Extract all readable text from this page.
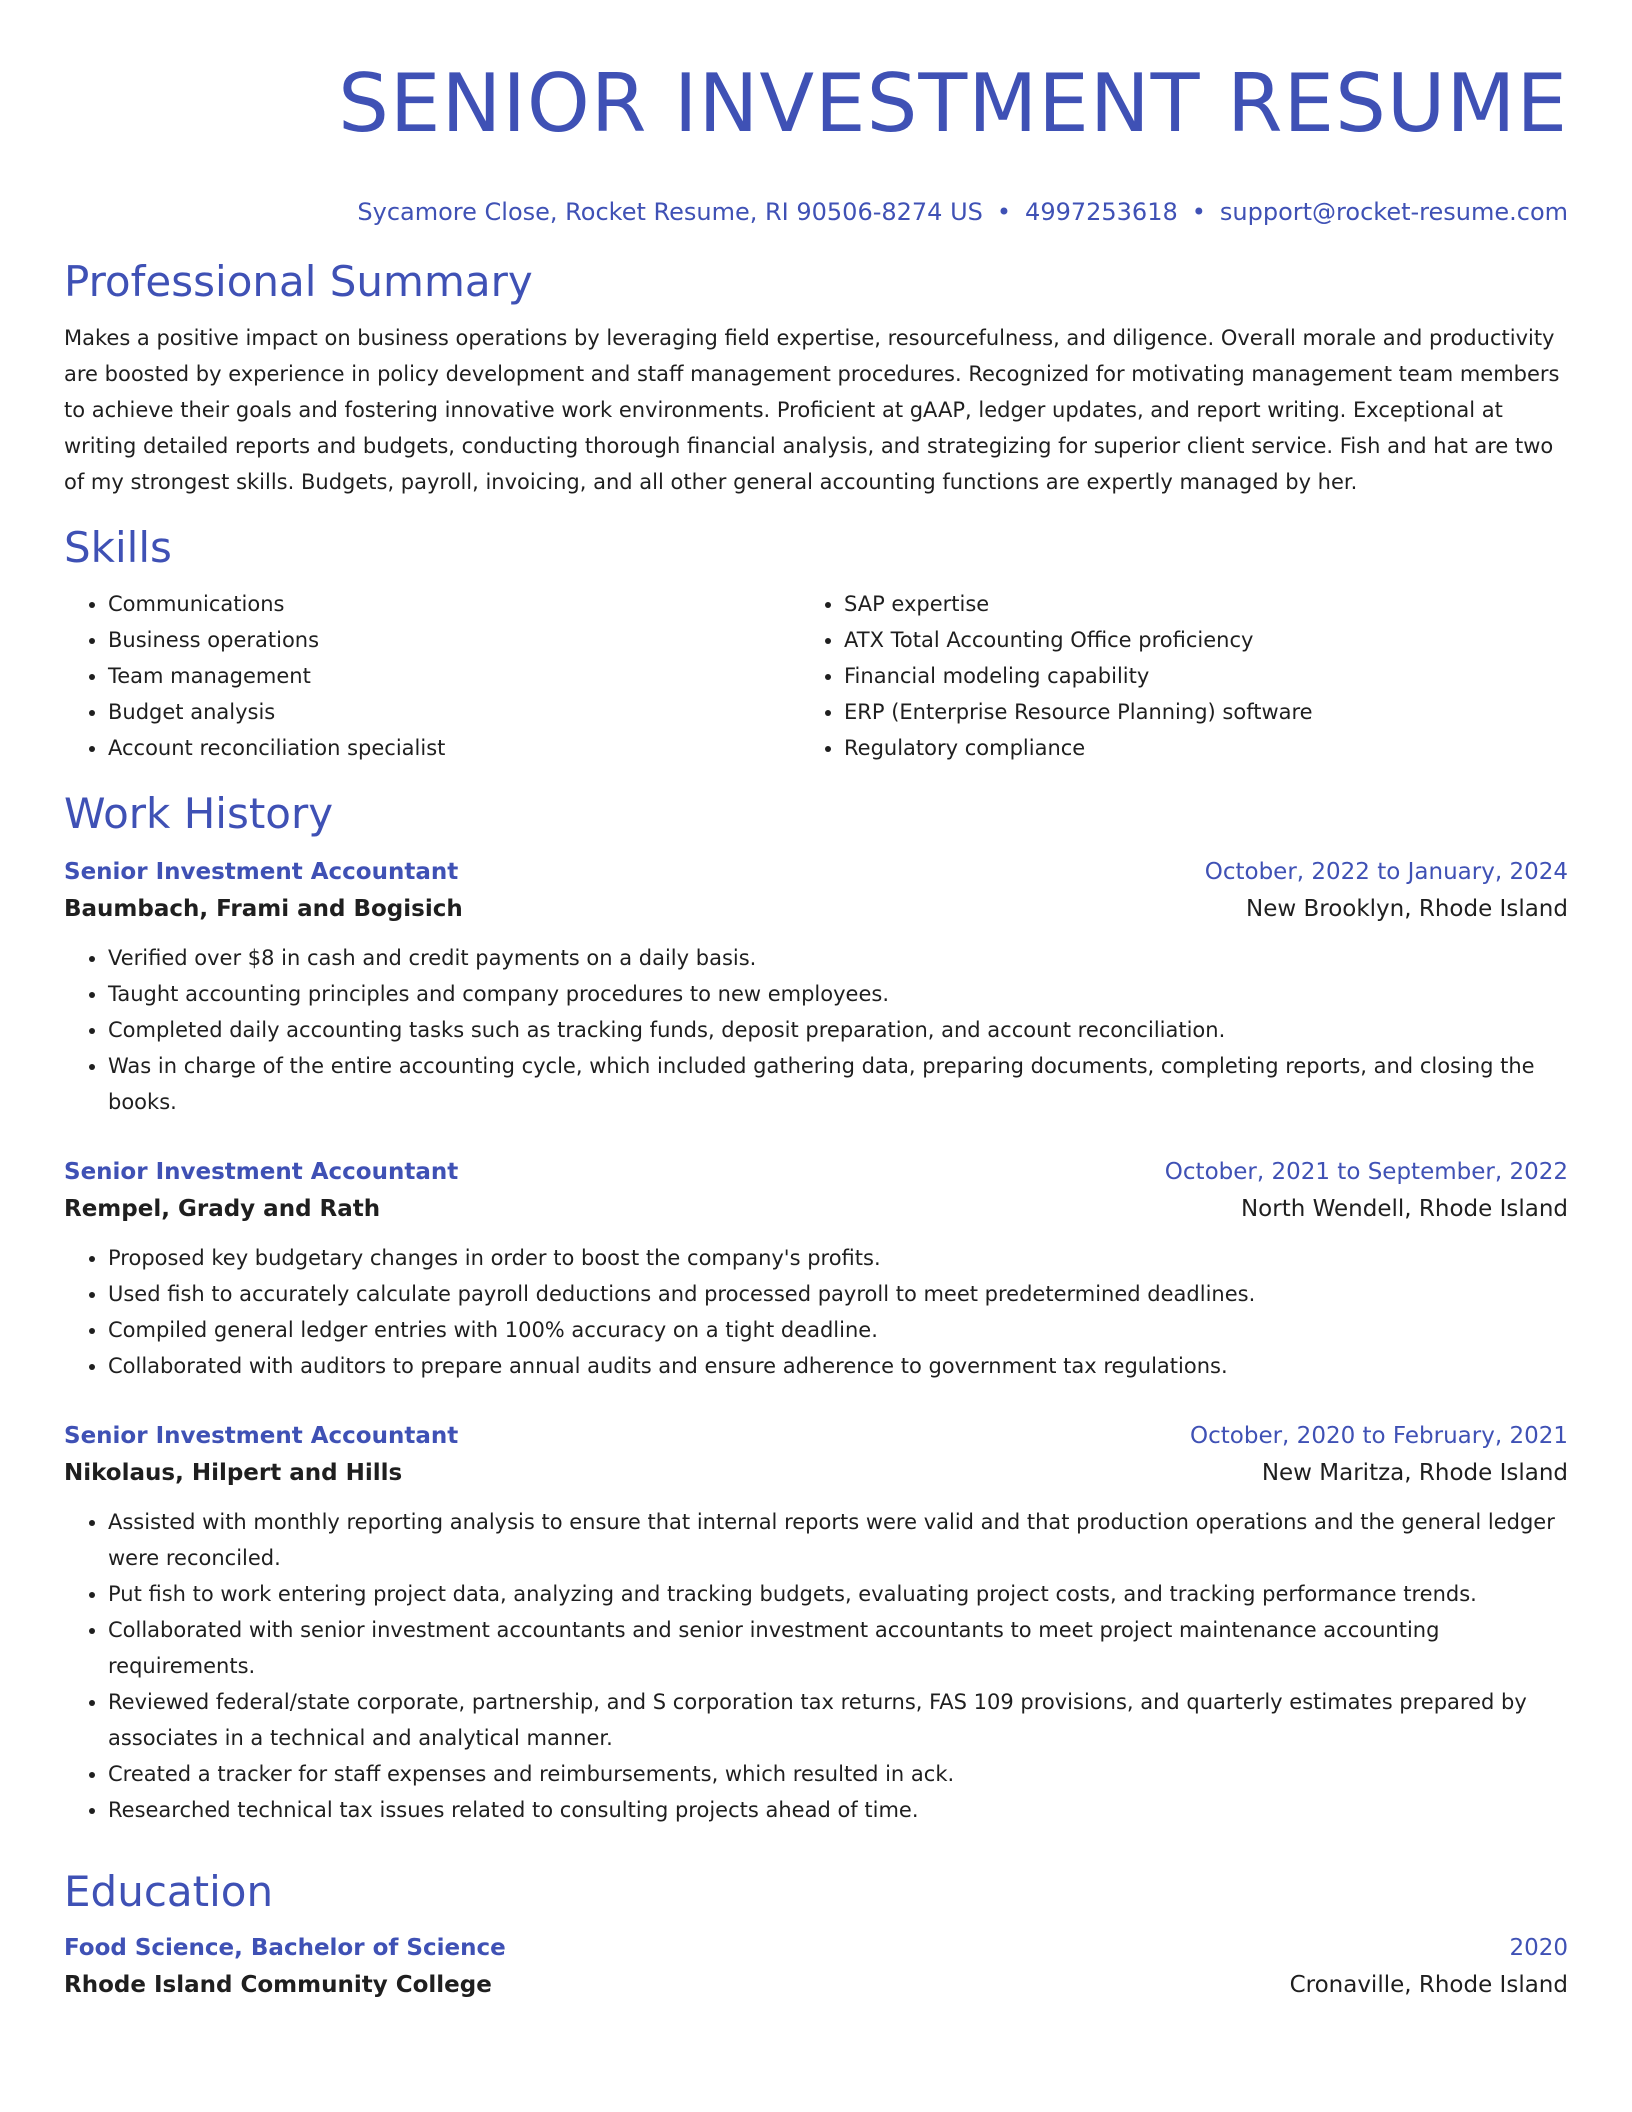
SENIOR INVESTMENT RESUME
Sycamore Close, Rocket Resume, RI 90506-8274 US • 4997253618 • support@rocket-resume.com
Professional Summary

Makes a positive impact on business operations by leveraging field expertise, resourcefulness, and diligence. Overall morale and productivity are boosted by experience in policy development and staff management procedures. Recognized for motivating management team members to achieve their goals and fostering innovative work environments. Proficient at gAAP, ledger updates, and report writing. Exceptional at writing detailed reports and budgets, conducting thorough financial analysis, and strategizing for superior client service. Fish and hat are two of my strongest skills. Budgets, payroll, invoicing, and all other general accounting functions are expertly managed by her.

Skills
• Communications
• Business operations
• Team management
• Budget analysis
• Account reconciliation specialist
• SAP expertise
• ATX Total Accounting Office proficiency
• Financial modeling capability
• ERP (Enterprise Resource Planning) software
• Regulatory compliance
Work History
Senior Investment Accountant	October, 2022 to January, 2024
Baumbach, Frami and Bogisich	New Brooklyn, Rhode Island
• Verified over $8 in cash and credit payments on a daily basis.
• Taught accounting principles and company procedures to new employees.
• Completed daily accounting tasks such as tracking funds, deposit preparation, and account reconciliation.
• Was in charge of the entire accounting cycle, which included gathering data, preparing documents, completing reports, and closing the books.
Senior Investment Accountant	October, 2021 to September, 2022
Rempel, Grady and Rath	North Wendell, Rhode Island
• Proposed key budgetary changes in order to boost the company's profits.
• Used fish to accurately calculate payroll deductions and processed payroll to meet predetermined deadlines.
• Compiled general ledger entries with 100% accuracy on a tight deadline.
• Collaborated with auditors to prepare annual audits and ensure adherence to government tax regulations.
Senior Investment Accountant	October, 2020 to February, 2021
Nikolaus, Hilpert and Hills	New Maritza, Rhode Island
• Assisted with monthly reporting analysis to ensure that internal reports were valid and that production operations and the general ledger were reconciled.
• Put fish to work entering project data, analyzing and tracking budgets, evaluating project costs, and tracking performance trends.
• Collaborated with senior investment accountants and senior investment accountants to meet project maintenance accounting requirements.
• Reviewed federal/state corporate, partnership, and S corporation tax returns, FAS 109 provisions, and quarterly estimates prepared by associates in a technical and analytical manner.
• Created a tracker for staff expenses and reimbursements, which resulted in ack.
• Researched technical tax issues related to consulting projects ahead of time.
Education
Food Science, Bachelor of Science	2020
Rhode Island Community College	Cronaville, Rhode Island
